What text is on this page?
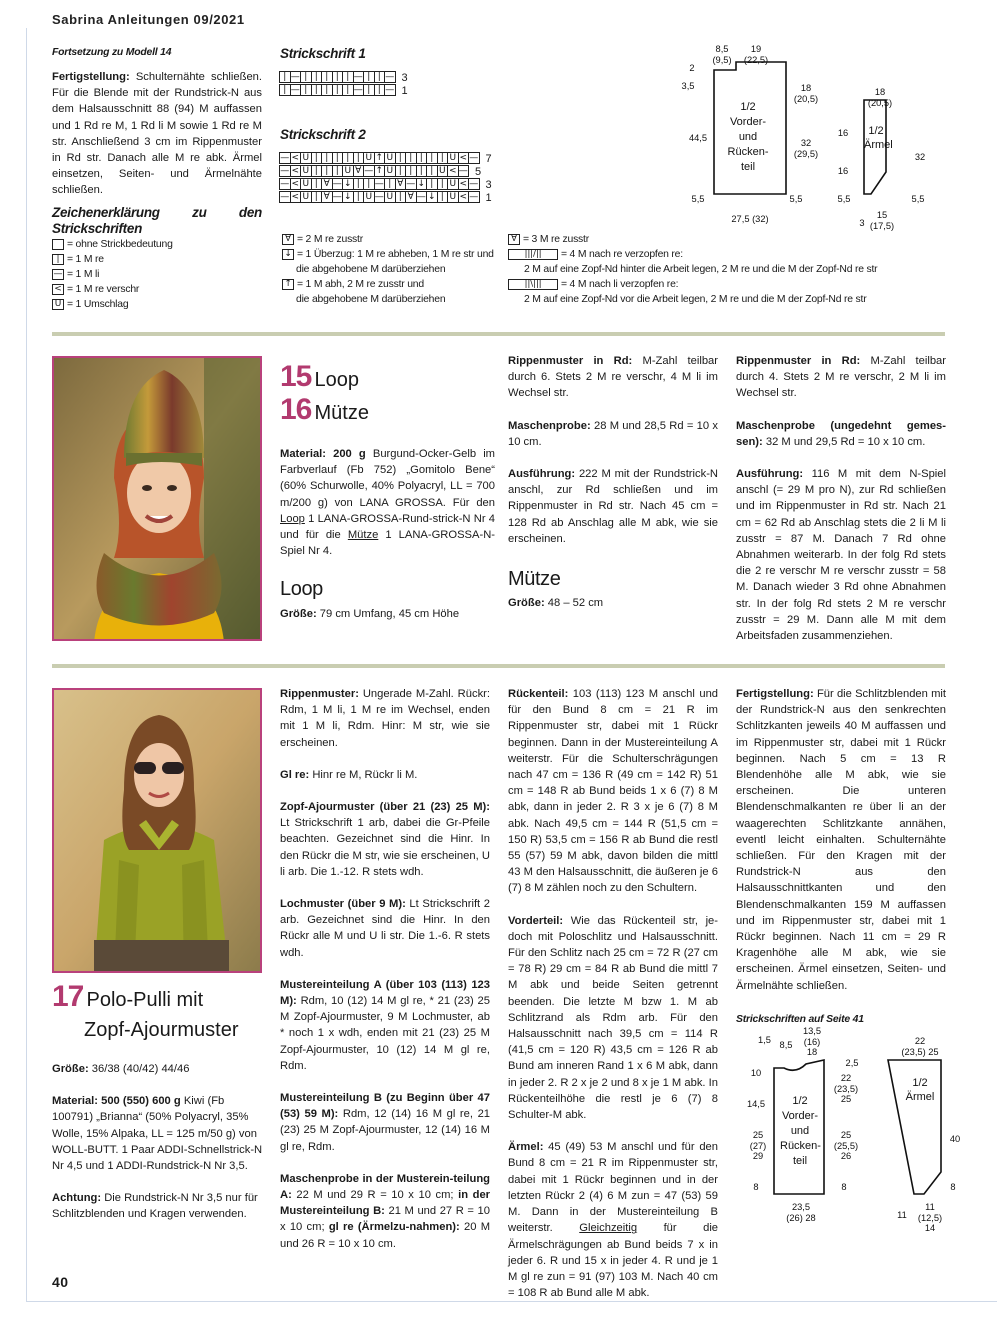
Sabrina Anleitungen 09/2021

Fortsetzung zu Modell 14

Fertigstellung: Schulternähte schließen. Für die Blende mit der Rundstrick-N aus dem Halsausschnitt 88 (94) M auffassen und 1 Rd re M, 1 Rd li M sowie 1 Rd re M str. Anschließend 3 cm im Rippenmuster in Rd str. Danach alle M re abk. Ärmel einsetzen, Seiten- und Ärmelnähte schließen.

Zeichenerklärung zu den Strickschriften

= ohne Strickbedeutung
| = 1 M re
— = 1 M li
< = 1 M re verschr
U = 1 Umschlag

Strickschrift 1

| — | | | | | — | | — 3
| — | | | | | — | | — 1

Strickschrift 2

— < U | | | | | U ↑ U | | | | | U < — 7
— < U | | | U ∀ — ↑ U | | | | U < — 5
— < U | ∀ — ↓ | | — | ∀ — ↓ | | U < — 3
— < U | ∀ — ↓ | U — U | ∀ — ↓ | U < — 1
∀ = 2 M re zusstr
↓ = 1 Überzug: 1 M re abheben, 1 M re str und

die abgehobene M darüberziehen

↑ = 1 M abh, 2 M re zusstr und

die abgehobene M darüberziehen

∀ = 3 M re zusstr
|||/||	= 4 M nach re verzopfen re:

2 M auf eine Zopf-Nd hinter die Arbeit legen, 2 M re und die M der Zopf-Nd re str

||\|||	= 4 M nach li verzopfen re:

2 M auf eine Zopf-Nd vor die Arbeit legen, 2 M re und die M der Zopf-Nd re str

8,5
(9,5)
19
(22,5)
2
3,5	18
(20,5)
44,5	32
(29,5)
1/2 Vorder- und Rücken- teil
5,5	5,5
27,5 (32)
18
(20,5)
16
16
32
5,5	5,5
3
15
(17,5)
1/2 Ärmel
15 Loop
16 Mütze

Material: 200 g Burgund-Ocker-Gelb im Farbverlauf (Fb 752) „Gomitolo Bene“ (60% Schurwolle, 40% Polyacryl, LL = 700 m/200 g) von LANA GROSSA. Für den Loop 1 LANA-GROSSA-Rund-strick-N Nr 4 und für die Mütze 1 LANA-GROSSA-N-Spiel Nr 4.

Loop

Größe: 79 cm Umfang, 45 cm Höhe

Rippenmuster in Rd: M-Zahl teilbar durch 6. Stets 2 M re verschr, 4 M li im Wechsel str.

Maschenprobe: 28 M und 28,5 Rd = 10 x 10 cm.

Ausführung: 222 M mit der Rundstrick-N anschl, zur Rd schließen und im Rippenmuster in Rd str. Nach 45 cm = 128 Rd ab Anschlag alle M abk, wie sie erscheinen.

Mütze

Größe: 48 – 52 cm

Rippenmuster in Rd: M-Zahl teilbar durch 4. Stets 2 M re verschr, 2 M li im Wechsel str.

Maschenprobe (ungedehnt gemes-sen): 32 M und 29,5 Rd = 10 x 10 cm.

Ausführung: 116 M mit dem N-Spiel anschl (= 29 M pro N), zur Rd schließen und im Rippenmuster in Rd str. Nach 21 cm = 62 Rd ab Anschlag stets die 2 li M li zusstr = 87 M. Danach 7 Rd ohne Abnahmen weiterarb. In der folg Rd stets die 2 re verschr M re verschr zusstr = 58 M. Danach wieder 3 Rd ohne Abnahmen str. In der folg Rd stets 2 M re verschr zusstr = 29 M. Dann alle M mit dem Arbeitsfaden zusammenziehen.

17 Polo-Pulli mit
Zopf-Ajourmuster

Größe: 36/38 (40/42) 44/46

Material: 500 (550) 600 g Kiwi (Fb 100791) „Brianna“ (50% Polyacryl, 35% Wolle, 15% Alpaka, LL = 125 m/50 g) von WOLL-BUTT. 1 Paar ADDI-Schnellstrick-N Nr 4,5 und 1 ADDI-Rundstrick-N Nr 3,5.

Achtung: Die Rundstrick-N Nr 3,5 nur für Schlitzblenden und Kragen verwenden.

Rippenmuster: Ungerade M-Zahl. Rückr: Rdm, 1 M li, 1 M re im Wechsel, enden mit 1 M li, Rdm. Hinr: M str, wie sie erscheinen.

Gl re: Hinr re M, Rückr li M.

Zopf-Ajourmuster (über 21 (23) 25 M): Lt Strickschrift 1 arb, dabei die Gr-Pfeile beachten. Gezeichnet sind die Hinr. In den Rückr die M str, wie sie erscheinen, U li arb. Die 1.-12. R stets wdh.

Lochmuster (über 9 M): Lt Strickschrift 2 arb. Gezeichnet sind die Hinr. In den Rückr alle M und U li str. Die 1.-6. R stets wdh.

Mustereinteilung A (über 103 (113) 123 M): Rdm, 10 (12) 14 M gl re, * 21 (23) 25 M Zopf-Ajourmuster, 9 M Lochmuster, ab * noch 1 x wdh, enden mit 21 (23) 25 M Zopf-Ajourmuster, 10 (12) 14 M gl re, Rdm.

Mustereinteilung B (zu Beginn über 47 (53) 59 M): Rdm, 12 (14) 16 M gl re, 21 (23) 25 M Zopf-Ajourmuster, 12 (14) 16 M gl re, Rdm.

Maschenprobe in der Musterein-teilung A: 22 M und 29 R = 10 x 10 cm; in der Mustereinteilung B: 21 M und 27 R = 10 x 10 cm; gl re (Ärmelzu-nahmen): 20 M und 26 R = 10 x 10 cm.

Rückenteil: 103 (113) 123 M anschl und für den Bund 8 cm = 21 R im Rippenmuster str, dabei mit 1 Rückr beginnen. Dann in der Mustereinteilung A weiterstr. Für die Schulterschrägungen nach 47 cm = 136 R (49 cm = 142 R) 51 cm = 148 R ab Bund beids 1 x 6 (7) 8 M abk, dann in jeder 2. R 3 x je 6 (7) 8 M abk. Nach 49,5 cm = 144 R (51,5 cm = 150 R) 53,5 cm = 156 R ab Bund die restl 55 (57) 59 M abk, davon bilden die mittl 43 M den Halsausschnitt, die äußeren je 6 (7) 8 M zählen noch zu den Schultern.

Vorderteil: Wie das Rückenteil str, je-doch mit Poloschlitz und Halsausschnitt. Für den Schlitz nach 25 cm = 72 R (27 cm = 78 R) 29 cm = 84 R ab Bund die mittl 7 M abk und beide Seiten getrennt beenden. Die letzte M bzw 1. M ab Schlitzrand als Rdm arb. Für den Halsausschnitt nach 39,5 cm = 114 R (41,5 cm = 120 R) 43,5 cm = 126 R ab Bund am inneren Rand 1 x 6 M abk, dann in jeder 2. R 2 x je 2 und 8 x je 1 M abk. In Rückenteilhöhe die restl je 6 (7) 8 Schulter-M abk.

Ärmel: 45 (49) 53 M anschl und für den Bund 8 cm = 21 R im Rippenmuster str, dabei mit 1 Rückr beginnen und in der letzten Rückr 2 (4) 6 M zun = 47 (53) 59 M. Dann in der Mustereinteilung B weiterstr. Gleichzeitig für die Ärmelschrägungen ab Bund beids 7 x in jeder 6. R und 15 x in jeder 4. R und je 1 M gl re zun = 91 (97) 103 M. Nach 40 cm = 108 R ab Bund alle M abk.

Fertigstellung: Für die Schlitzblenden mit der Rundstrick-N aus den senkrechten Schlitzkanten jeweils 40 M auffassen und im Rippenmuster str, dabei mit 1 Rückr beginnen. Nach 5 cm = 13 R Blendenhöhe alle M abk, wie sie erscheinen. Die unteren Blendenschmalkanten re über li an der waagerechten Schlitzkante annähen, eventl leicht einhalten. Schulternähte schließen. Für den Kragen mit der Rundstrick-N aus den Halsausschnittkanten und den Blendenschmalkanten 159 M auffassen und im Rippenmuster str, dabei mit 1 Rückr beginnen. Nach 11 cm = 29 R Kragenhöhe alle M abk, wie sie erscheinen. Ärmel einsetzen, Seiten- und Ärmelnähte schließen.

Strickschriften auf Seite 41

1,5 8,5
13,5
(16)
18
2,5
10	22
(23,5)
25
14,5
25
(27)
29
25
(25,5)
26
1/2 Vorder- und Rücken- teil
8	8
23,5
(26) 28
22
(23,5) 25
40
8
11
11
(12,5)
14
1/2 Ärmel
40
